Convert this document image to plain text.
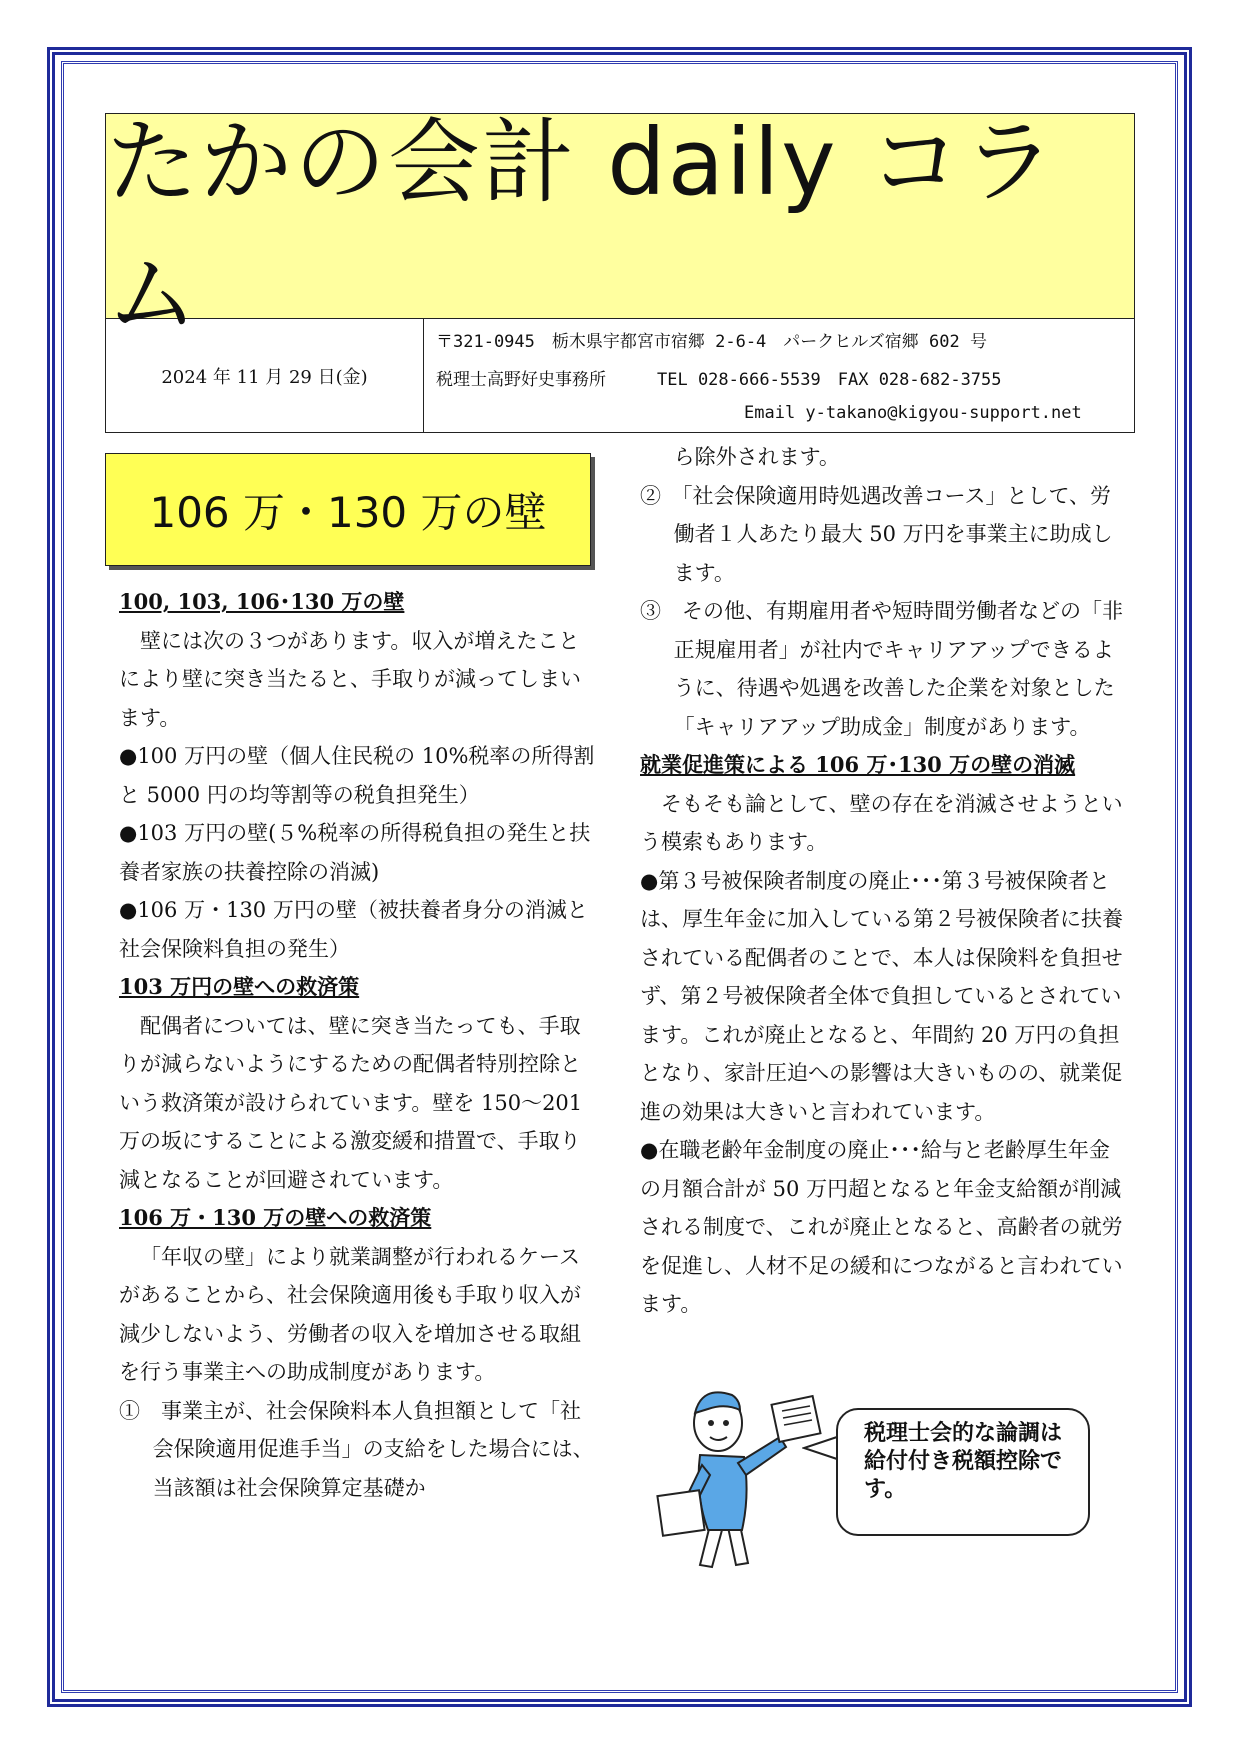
たかの会計 daily コラム
2024 年 11 月 29 日(金)
〒321-0945　栃木県宇都宮市宿郷 2-6-4　パークヒルズ宿郷 602 号
税理士高野好史事務所　　　TEL 028-666-5539　FAX 028-682-3755
Email y-takano@kigyou-support.net
106 万・130 万の壁

100, 103, 106･130 万の壁

壁には次の３つがあります。収入が増えたことにより壁に突き当たると、手取りが減ってしまいます。

●100 万円の壁（個人住民税の 10%税率の所得割と 5000 円の均等割等の税負担発生）

●103 万円の壁(５%税率の所得税負担の発生と扶養者家族の扶養控除の消滅)

●106 万・130 万円の壁（被扶養者身分の消滅と社会保険料負担の発生）

103 万円の壁への救済策

配偶者については、壁に突き当たっても、手取りが減らないようにするための配偶者特別控除という救済策が設けられています。壁を 150～201 万の坂にすることによる激変緩和措置で、手取り減となることが回避されています。

106 万・130 万の壁への救済策

「年収の壁」により就業調整が行われるケースがあることから、社会保険適用後も手取り収入が減少しないよう、労働者の収入を増加させる取組を行う事業主への助成制度があります。

①　事業主が、社会保険料本人負担額として「社会保険適用促進手当」の支給をした場合には、当該額は社会保険算定基礎か

ら除外されます。

②　「社会保険適用時処遇改善コース」として、労働者１人あたり最大 50 万円を事業主に助成します。

③　その他、有期雇用者や短時間労働者などの「非正規雇用者」が社内でキャリアアップできるように、待遇や処遇を改善した企業を対象とした「キャリアアップ助成金」制度があります。

就業促進策による 106 万･130 万の壁の消滅

そもそも論として、壁の存在を消滅させようという模索もあります。

●第３号被保険者制度の廃止･･･第３号被保険者とは、厚生年金に加入している第２号被保険者に扶養されている配偶者のことで、本人は保険料を負担せず、第２号被保険者全体で負担しているとされています。これが廃止となると、年間約 20 万円の負担となり、家計圧迫への影響は大きいものの、就業促進の効果は大きいと言われています。

●在職老齢年金制度の廃止･･･給与と老齢厚生年金の月額合計が 50 万円超となると年金支給額が削減される制度で、これが廃止となると、高齢者の就労を促進し、人材不足の緩和につながると言われています。

税理士会的な論調は給付付き税額控除です。
